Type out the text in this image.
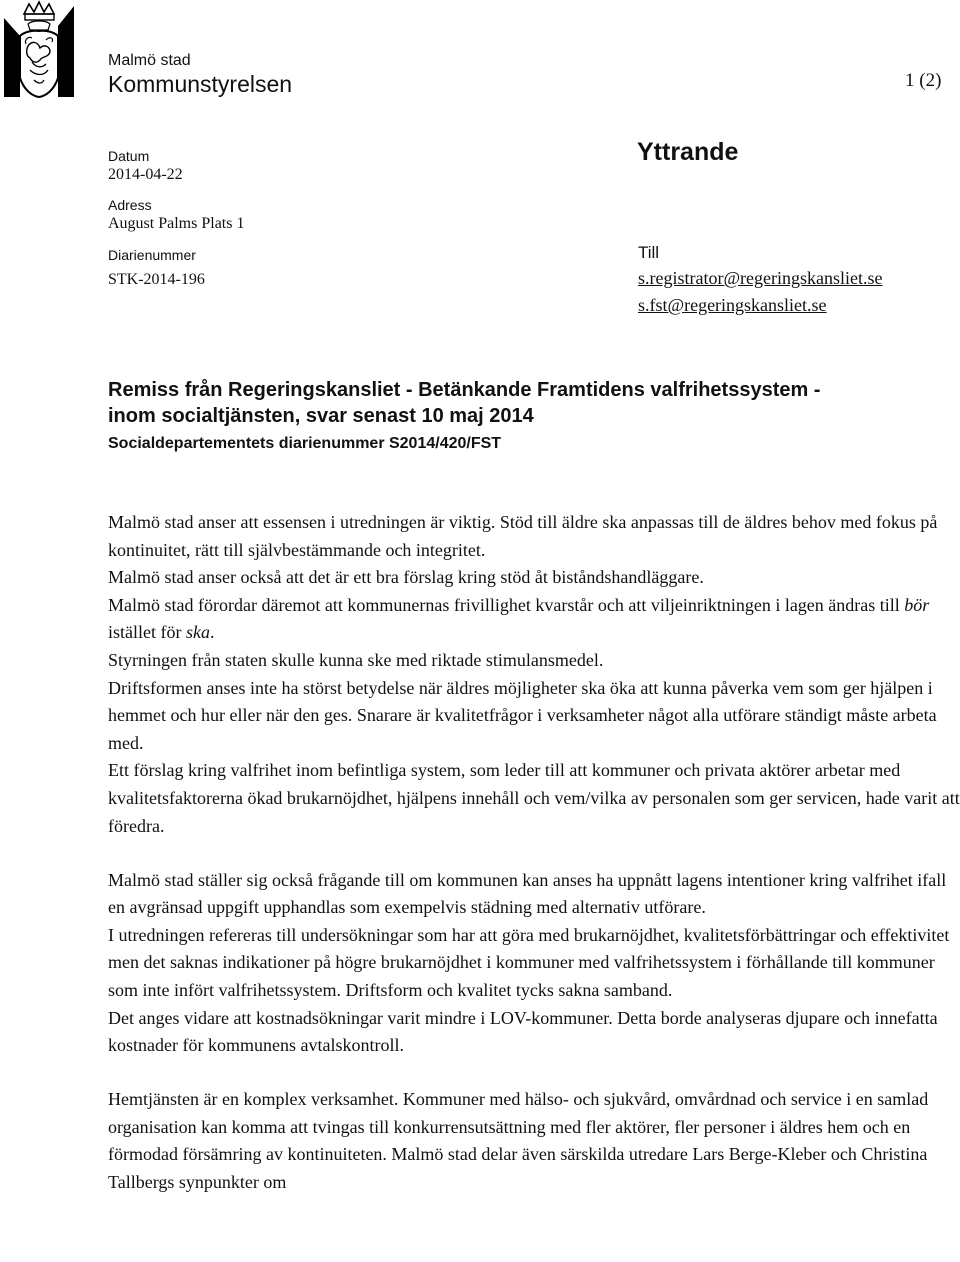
Malmö stad
Kommunstyrelsen	1 (2)
Datum
2014-04-22
Adress
August Palms Plats 1
Diarienummer
STK-2014-196
Yttrande
Till
s.registrator@regeringskansliet.se
s.fst@regeringskansliet.se
Remiss från Regeringskansliet - Betänkande Framtidens valfrihetssystem -
inom socialtjänsten, svar senast 10 maj 2014
Socialdepartementets diarienummer S2014/420/FST

Malmö stad anser att essensen i utredningen är viktig. Stöd till äldre ska anpassas till de äldres behov med fokus på kontinuitet, rätt till självbestämmande och integritet.

Malmö stad anser också att det är ett bra förslag kring stöd åt biståndshandläggare.

Malmö stad förordar däremot att kommunernas frivillighet kvarstår och att viljeinriktningen i lagen ändras till bör istället för ska.

Styrningen från staten skulle kunna ske med riktade stimulansmedel.

Driftsformen anses inte ha störst betydelse när äldres möjligheter ska öka att kunna påverka vem som ger hjälpen i hemmet och hur eller när den ges. Snarare är kvalitetfrågor i verksamheter något alla utförare ständigt måste arbeta med.

Ett förslag kring valfrihet inom befintliga system, som leder till att kommuner och privata aktörer arbetar med kvalitetsfaktorerna ökad brukarnöjdhet, hjälpens innehåll och vem/vilka av personalen som ger servicen, hade varit att föredra.

Malmö stad ställer sig också frågande till om kommunen kan anses ha uppnått lagens intentioner kring valfrihet ifall en avgränsad uppgift upphandlas som exempelvis städning med alternativ utförare.

I utredningen refereras till undersökningar som har att göra med brukarnöjdhet, kvalitetsförbättringar och effektivitet men det saknas indikationer på högre brukarnöjdhet i kommuner med valfrihetssystem i förhållande till kommuner som inte infört valfrihetssystem. Driftsform och kvalitet tycks sakna samband.

Det anges vidare att kostnadsökningar varit mindre i LOV-kommuner. Detta borde analyseras djupare och innefatta kostnader för kommunens avtalskontroll.

Hemtjänsten är en komplex verksamhet. Kommuner med hälso- och sjukvård, omvårdnad och service i en samlad organisation kan komma att tvingas till konkurrensutsättning med fler aktörer, fler personer i äldres hem och en förmodad försämring av kontinuiteten. Malmö stad delar även särskilda utredare Lars Berge-Kleber och Christina Tallbergs synpunkter om
